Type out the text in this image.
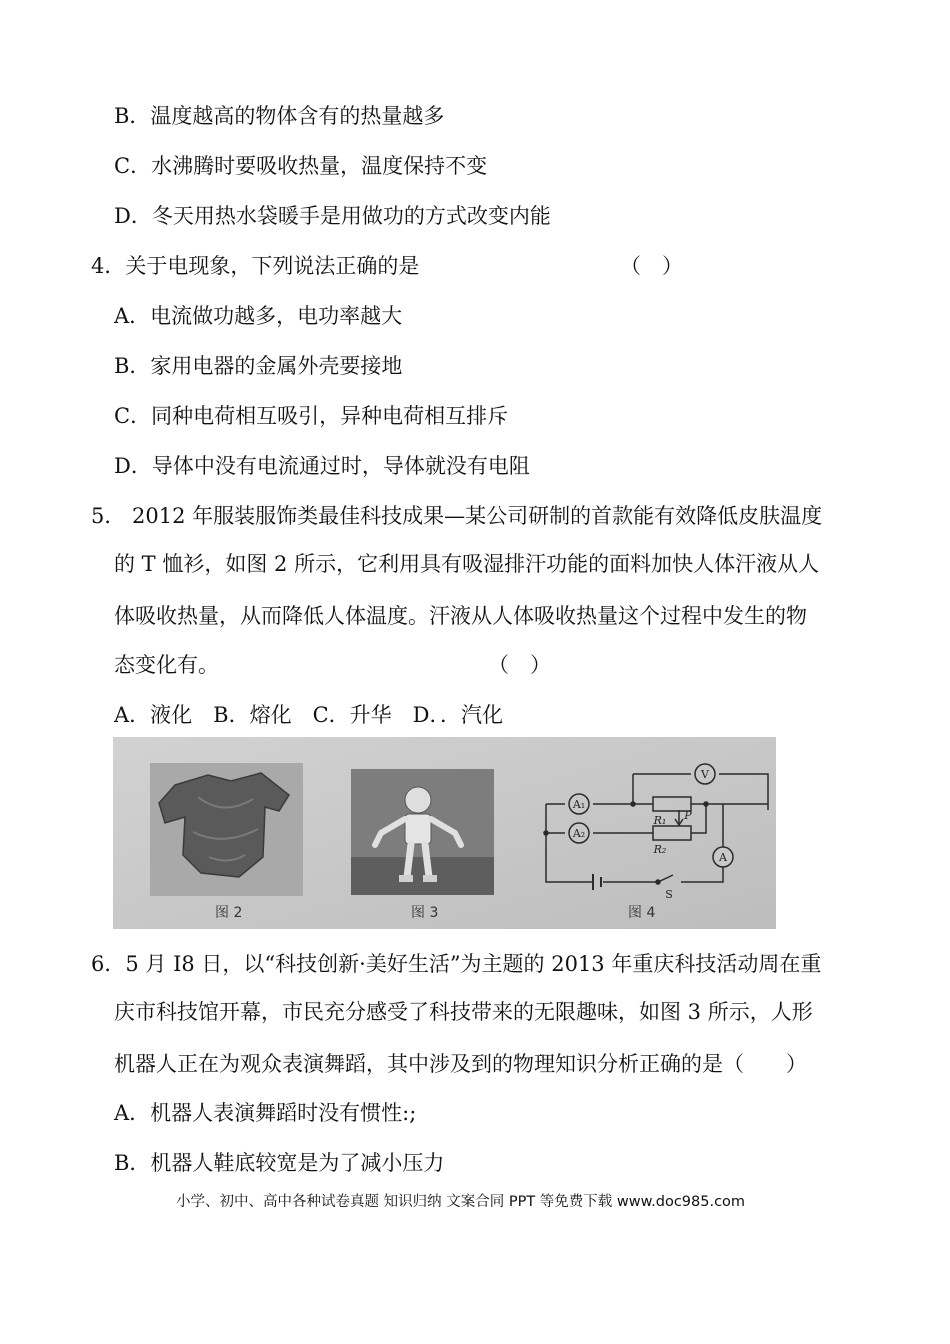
B．温度越高的物体含有的热量越多
C．水沸腾时要吸收热量，温度保持不变
D．冬天用热水袋暖手是用做功的方式改变内能
4．关于电现象，下列说法正确的是	（　）
A．电流做功越多，电功率越大
B．家用电器的金属外壳要接地
C．同种电荷相互吸引，异种电荷相互排斥
D．导体中没有电流通过时，导体就没有电阻
5． 2012 年服装服饰类最佳科技成果—某公司研制的首款能有效降低皮肤温度
的 T 恤衫，如图 2 所示，它利用具有吸湿排汗功能的面料加快人体汗液从人
体吸收热量，从而降低人体温度。汗液从人体吸收热量这个过程中发生的物
态变化有。	（　）
A．液化　B．熔化　C．升华　D．．汽化
V
A₁
A₂
A
R₁
R₂
P
S
图 2	图 3	图 4
6．5 月 I8 日，以“科技创新·美好生活”为主题的 2013 年重庆科技活动周在重
庆市科技馆开幕，市民充分感受了科技带来的无限趣味，如图 3 所示，人形
机器人正在为观众表演舞蹈，其中涉及到的物理知识分析正确的是（　　）
A．机器人表演舞蹈时没有惯性:;
B．机器人鞋底较宽是为了减小压力
小学、初中、高中各种试卷真题 知识归纳 文案合同 PPT 等免费下载 www.doc985.com
